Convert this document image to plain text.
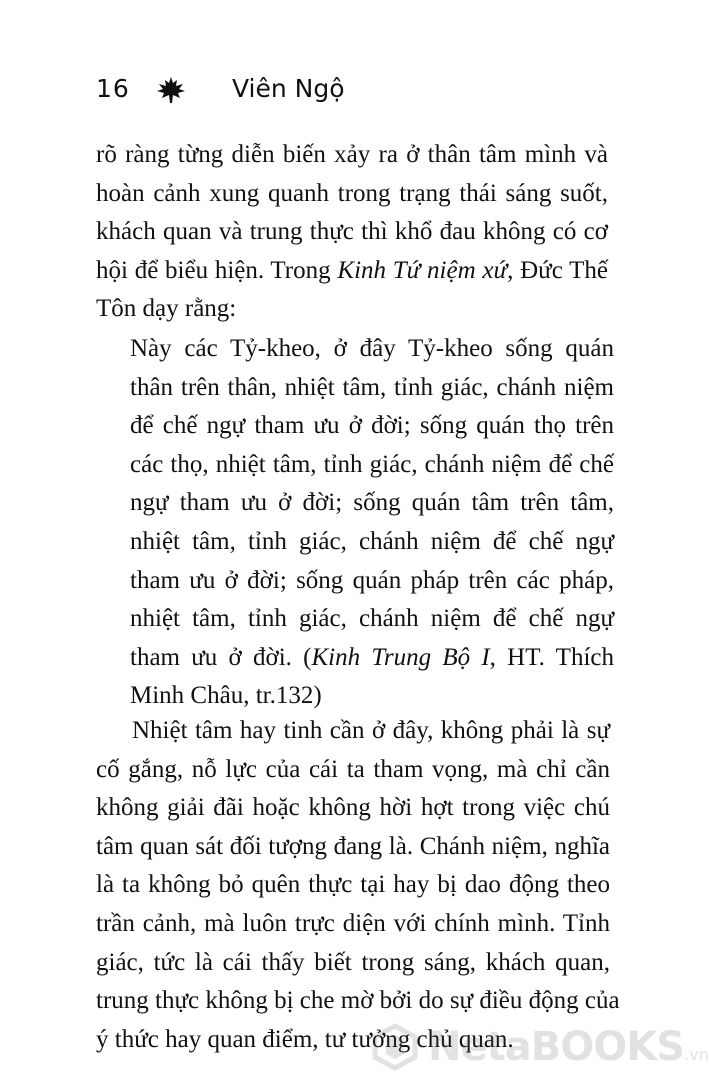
16	Viên Ngộ
rõ ràng từng diễn biến xảy ra ở thân tâm mình và
hoàn cảnh xung quanh trong trạng thái sáng suốt,
khách quan và trung thực thì khổ đau không có cơ
hội để biểu hiện. Trong Kinh Tứ niệm xứ, Đức Thế
Tôn dạy rằng:
Này các Tỷ-kheo, ở đây Tỷ-kheo sống quán
thân trên thân, nhiệt tâm, tỉnh giác, chánh niệm
để chế ngự tham ưu ở đời; sống quán thọ trên
các thọ, nhiệt tâm, tỉnh giác, chánh niệm để chế
ngự tham ưu ở đời; sống quán tâm trên tâm,
nhiệt tâm, tỉnh giác, chánh niệm để chế ngự
tham ưu ở đời; sống quán pháp trên các pháp,
nhiệt tâm, tỉnh giác, chánh niệm để chế ngự
tham ưu ở đời. (Kinh Trung Bộ I, HT. Thích
Minh Châu, tr.132)
Nhiệt tâm hay tinh cần ở đây, không phải là sự
cố gắng, nỗ lực của cái ta tham vọng, mà chỉ cần
không giải đãi hoặc không hời hợt trong việc chú
tâm quan sát đối tượng đang là. Chánh niệm, nghĩa
là ta không bỏ quên thực tại hay bị dao động theo
trần cảnh, mà luôn trực diện với chính mình. Tỉnh
giác, tức là cái thấy biết trong sáng, khách quan,
trung thực không bị che mờ bởi do sự điều động của
ý thức hay quan điểm, tư tưởng chủ quan.
NetaBOOKS.vn
